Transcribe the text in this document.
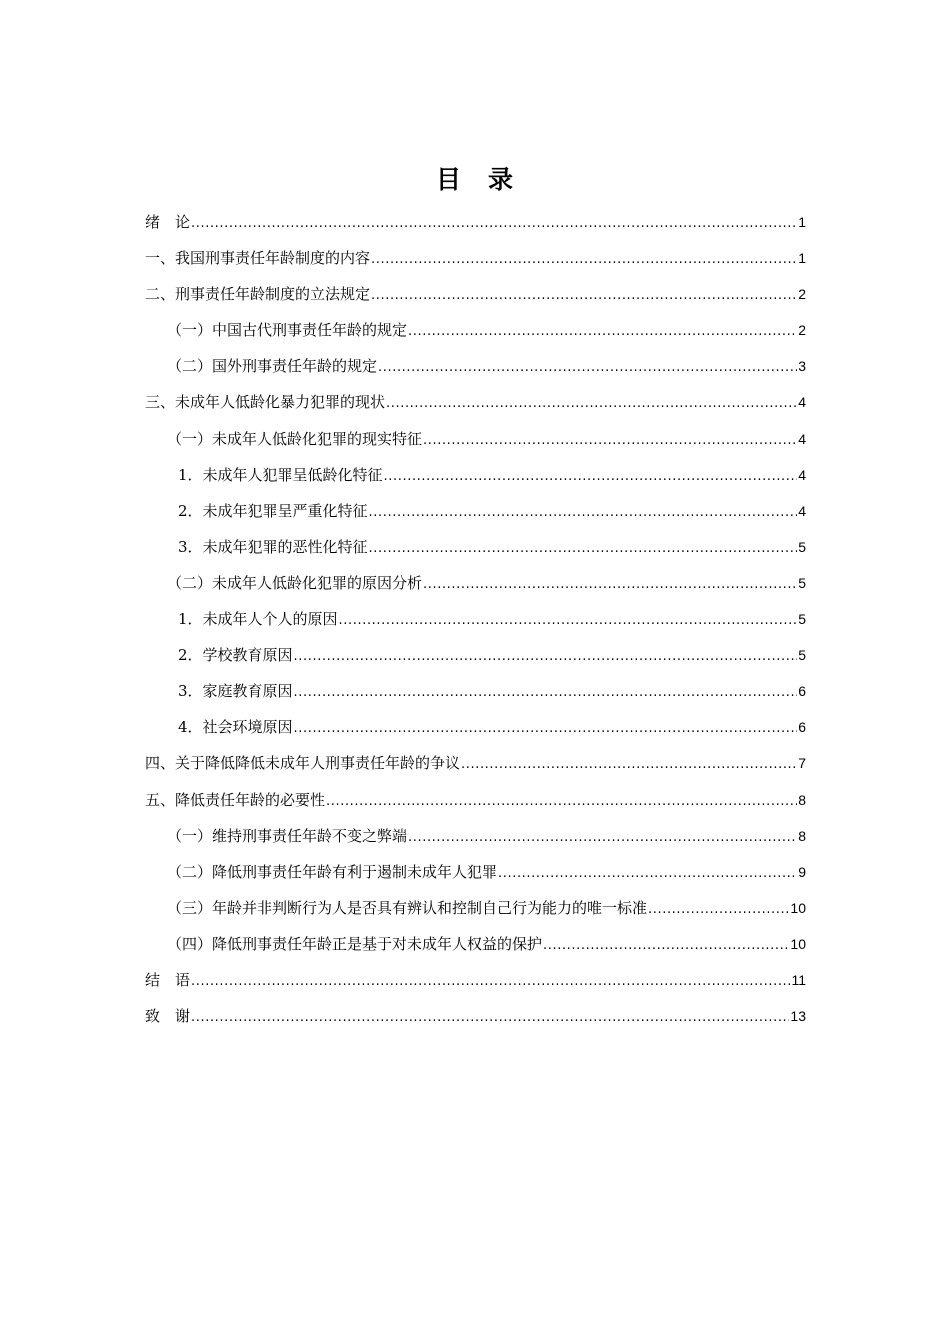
目　录
绪　论 .....	1
一、我国刑事责任年龄制度的内容 .....	1
二、刑事责任年龄制度的立法规定 .....	2
（一）中国古代刑事责任年龄的规定 .....	2
（二）国外刑事责任年龄的规定 .....	3
三、未成年人低龄化暴力犯罪的现状 .....	4
（一）未成年人低龄化犯罪的现实特征 .....	4
1．未成年人犯罪呈低龄化特征 .....	4
2．未成年犯罪呈严重化特征 .....	4
3．未成年犯罪的恶性化特征 .....	5
（二）未成年人低龄化犯罪的原因分析 .....	5
1．未成年人个人的原因 .....	5
2．学校教育原因 .....	5
3．家庭教育原因 .....	6
4．社会环境原因 .....	6
四、关于降低降低未成年人刑事责任年龄的争议 .....	7
五、降低责任年龄的必要性 .....	8
（一）维持刑事责任年龄不变之弊端 .....	8
（二）降低刑事责任年龄有利于遏制未成年人犯罪 .....	9
（三）年龄并非判断行为人是否具有辨认和控制自己行为能力的唯一标准 .....	10
（四）降低刑事责任年龄正是基于对未成年人权益的保护 .....	10
结　语 .....	11
致　谢 .....	13
